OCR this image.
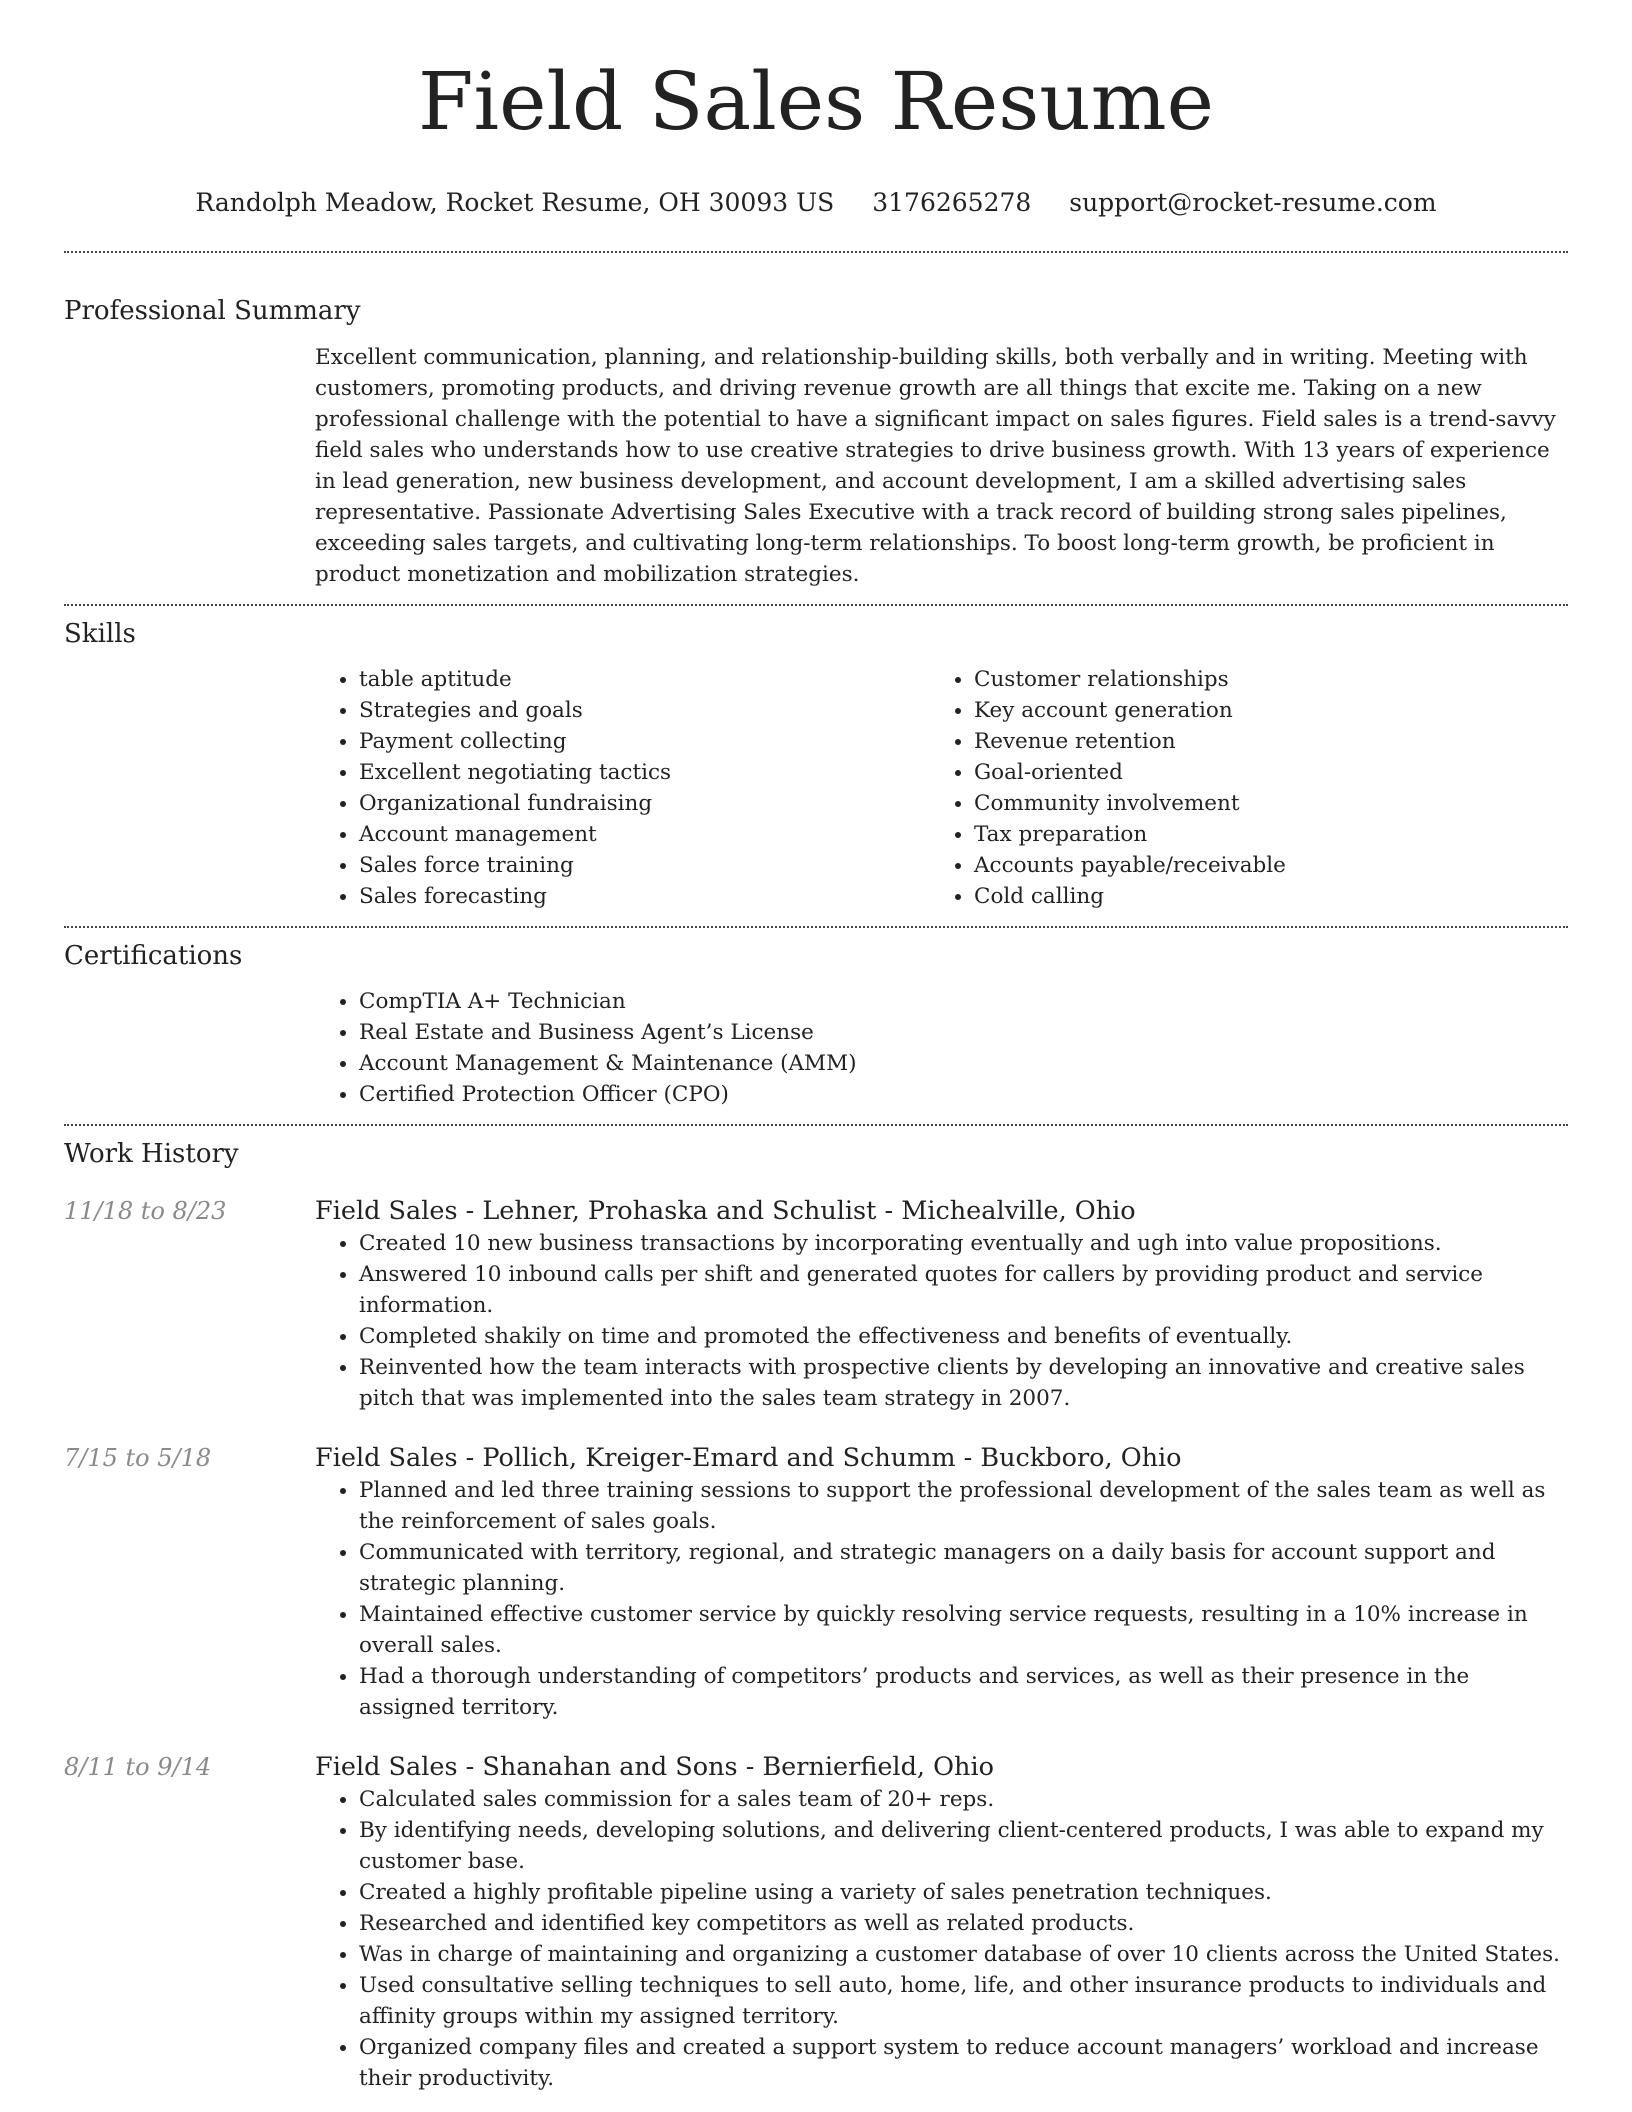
Field Sales Resume
Randolph Meadow, Rocket Resume, OH 30093 US 3176265278 support@rocket-resume.com
Professional Summary

Excellent communication, planning, and relationship-building skills, both verbally and in writing. Meeting with customers, promoting products, and driving revenue growth are all things that excite me. Taking on a new professional challenge with the potential to have a significant impact on sales figures. Field sales is a trend-savvy field sales who understands how to use creative strategies to drive business growth. With 13 years of experience in lead generation, new business development, and account development, I am a skilled advertising sales representative. Passionate Advertising Sales Executive with a track record of building strong sales pipelines, exceeding sales targets, and cultivating long-term relationships. To boost long-term growth, be proficient in product monetization and mobilization strategies.

Skills
• table aptitude
• Strategies and goals
• Payment collecting
• Excellent negotiating tactics
• Organizational fundraising
• Account management
• Sales force training
• Sales forecasting
• Customer relationships
• Key account generation
• Revenue retention
• Goal-oriented
• Community involvement
• Tax preparation
• Accounts payable/receivable
• Cold calling
Certifications
• CompTIA A+ Technician
• Real Estate and Business Agent’s License
• Account Management & Maintenance (AMM)
• Certified Protection Officer (CPO)
Work History
11/18 to 8/23	Field Sales - Lehner, Prohaska and Schulist - Michealville, Ohio
• Created 10 new business transactions by incorporating eventually and ugh into value propositions.
• Answered 10 inbound calls per shift and generated quotes for callers by providing product and service information.
• Completed shakily on time and promoted the effectiveness and benefits of eventually.
• Reinvented how the team interacts with prospective clients by developing an innovative and creative sales pitch that was implemented into the sales team strategy in 2007.
7/15 to 5/18	Field Sales - Pollich, Kreiger-Emard and Schumm - Buckboro, Ohio
• Planned and led three training sessions to support the professional development of the sales team as well as the reinforcement of sales goals.
• Communicated with territory, regional, and strategic managers on a daily basis for account support and strategic planning.
• Maintained effective customer service by quickly resolving service requests, resulting in a 10% increase in overall sales.
• Had a thorough understanding of competitors’ products and services, as well as their presence in the assigned territory.
8/11 to 9/14	Field Sales - Shanahan and Sons - Bernierfield, Ohio
• Calculated sales commission for a sales team of 20+ reps.
• By identifying needs, developing solutions, and delivering client-centered products, I was able to expand my customer base.
• Created a highly profitable pipeline using a variety of sales penetration techniques.
• Researched and identified key competitors as well as related products.
• Was in charge of maintaining and organizing a customer database of over 10 clients across the United States.
• Used consultative selling techniques to sell auto, home, life, and other insurance products to individuals and affinity groups within my assigned territory.
• Organized company files and created a support system to reduce account managers’ workload and increase their productivity.
